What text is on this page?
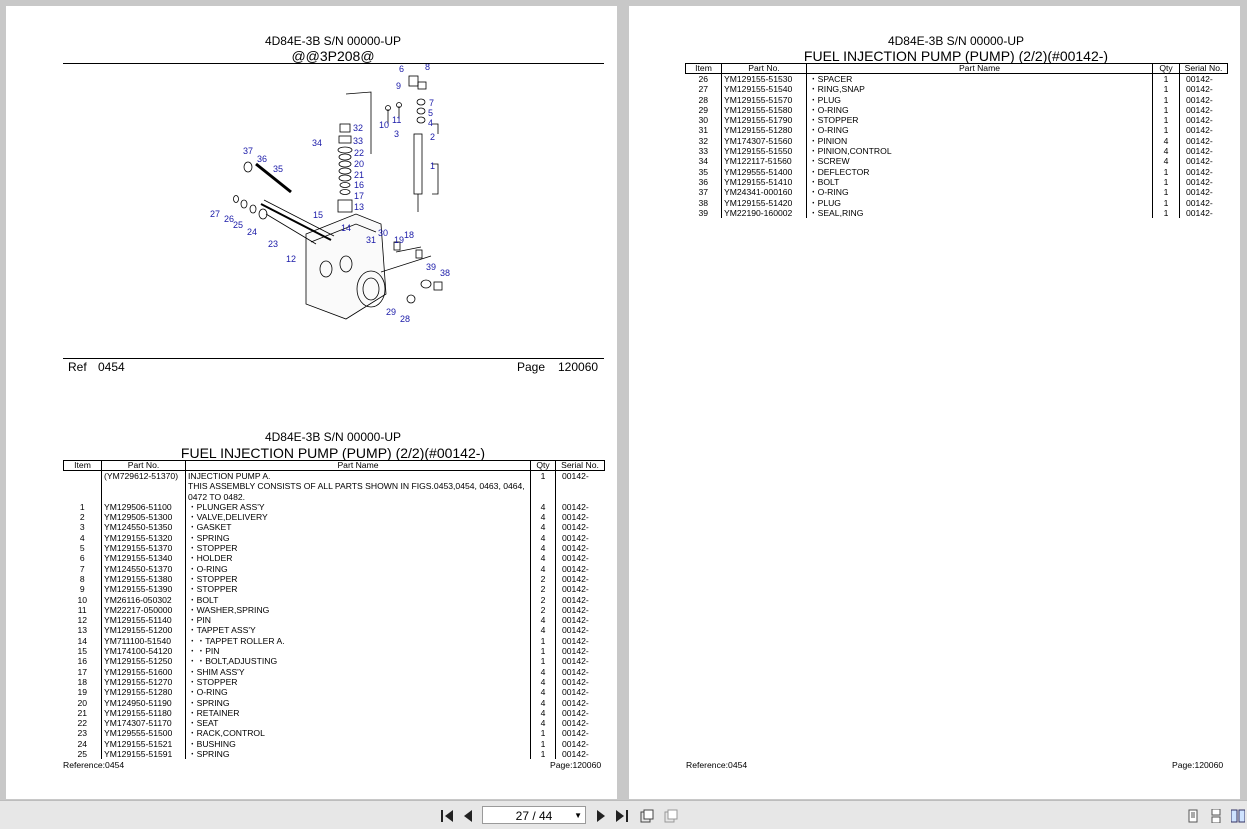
4D84E-3B S/N 00000-UP
@@3P208@
1
2
3
4
5
6
7
8
9
10 11
12
13
14
15
16
17
18
19
20
21
22
23
24
25
26
27
28
29
30
31
32
33
34
35
36
37
38
39
Ref 0454	Page 120060
4D84E-3B S/N 00000-UP
FUEL INJECTION PUMP (PUMP) (2/2)(#00142-)
Item	Part No.	Part Name	Qty	Serial No.
	(YM729612-51370)	INJECTION PUMP A.	1	00142-
		THIS ASSEMBLY CONSISTS OF ALL PARTS SHOWN IN FIGS.0453,0454, 0463, 0464, 0472 TO 0482.		
1	YM129506-51100	・PLUNGER ASS'Y	4	00142-
2	YM129505-51300	・VALVE,DELIVERY	4	00142-
3	YM124550-51350	・GASKET	4	00142-
4	YM129155-51320	・SPRING	4	00142-
5	YM129155-51370	・STOPPER	4	00142-
6	YM129155-51340	・HOLDER	4	00142-
7	YM124550-51370	・O-RING	4	00142-
8	YM129155-51380	・STOPPER	2	00142-
9	YM129155-51390	・STOPPER	2	00142-
10	YM26116-050302	・BOLT	2	00142-
11	YM22217-050000	・WASHER,SPRING	2	00142-
12	YM129155-51140	・PIN	4	00142-
13	YM129155-51200	・TAPPET ASS'Y	4	00142-
14	YM711100-51540	・・TAPPET ROLLER A.	1	00142-
15	YM174100-54120	・・PIN	1	00142-
16	YM129155-51250	・・BOLT,ADJUSTING	1	00142-
17	YM129155-51600	・SHIM ASS'Y	4	00142-
18	YM129155-51270	・STOPPER	4	00142-
19	YM129155-51280	・O-RING	4	00142-
20	YM124950-51190	・SPRING	4	00142-
21	YM129155-51180	・RETAINER	4	00142-
22	YM174307-51170	・SEAT	4	00142-
23	YM129555-51500	・RACK,CONTROL	1	00142-
24	YM129155-51521	・BUSHING	1	00142-
25	YM129155-51591	・SPRING	1	00142-
Reference:0454	Page:120060
4D84E-3B S/N 00000-UP
FUEL INJECTION PUMP (PUMP) (2/2)(#00142-)
Item	Part No.	Part Name	Qty	Serial No.
26	YM129155-51530	・SPACER	1	00142-
27	YM129155-51540	・RING,SNAP	1	00142-
28	YM129155-51570	・PLUG	1	00142-
29	YM129155-51580	・O-RING	1	00142-
30	YM129155-51790	・STOPPER	1	00142-
31	YM129155-51280	・O-RING	1	00142-
32	YM174307-51560	・PINION	4	00142-
33	YM129155-51550	・PINION,CONTROL	4	00142-
34	YM122117-51560	・SCREW	4	00142-
35	YM129555-51400	・DEFLECTOR	1	00142-
36	YM129155-51410	・BOLT	1	00142-
37	YM24341-000160	・O-RING	1	00142-
38	YM129155-51420	・PLUG	1	00142-
39	YM22190-160002	・SEAL,RING	1	00142-
Reference:0454	Page:120060
27 / 44	▼
